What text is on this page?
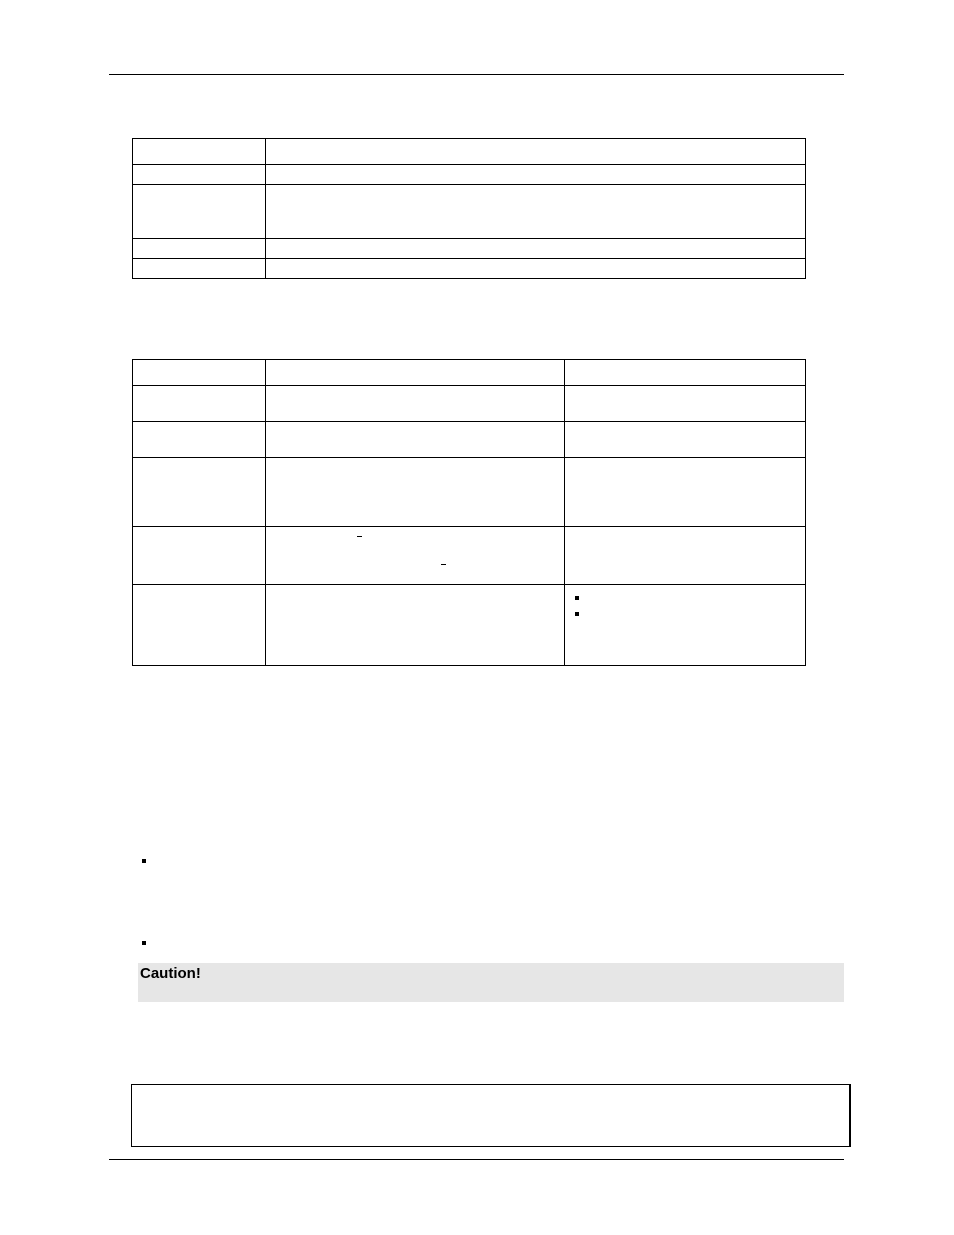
Caution!
